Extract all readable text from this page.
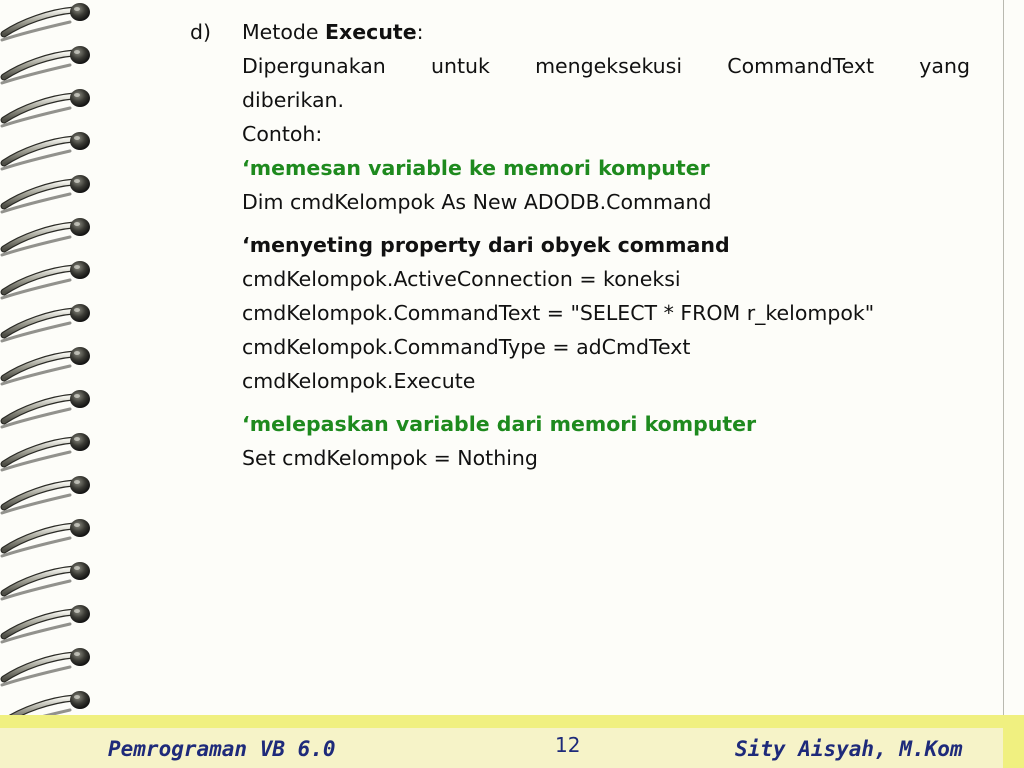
d) Metode Execute:
Dipergunakan untuk mengeksekusi CommandText yang
diberikan.
Contoh:
‘memesan variable ke memori komputer
Dim cmdKelompok As New ADODB.Command
‘menyeting property dari obyek command
cmdKelompok.ActiveConnection = koneksi
cmdKelompok.CommandText = "SELECT * FROM r_kelompok"
cmdKelompok.CommandType = adCmdText
cmdKelompok.Execute
‘melepaskan variable dari memori komputer
Set cmdKelompok = Nothing
Pemrograman VB 6.0	12	Sity Aisyah, M.Kom
